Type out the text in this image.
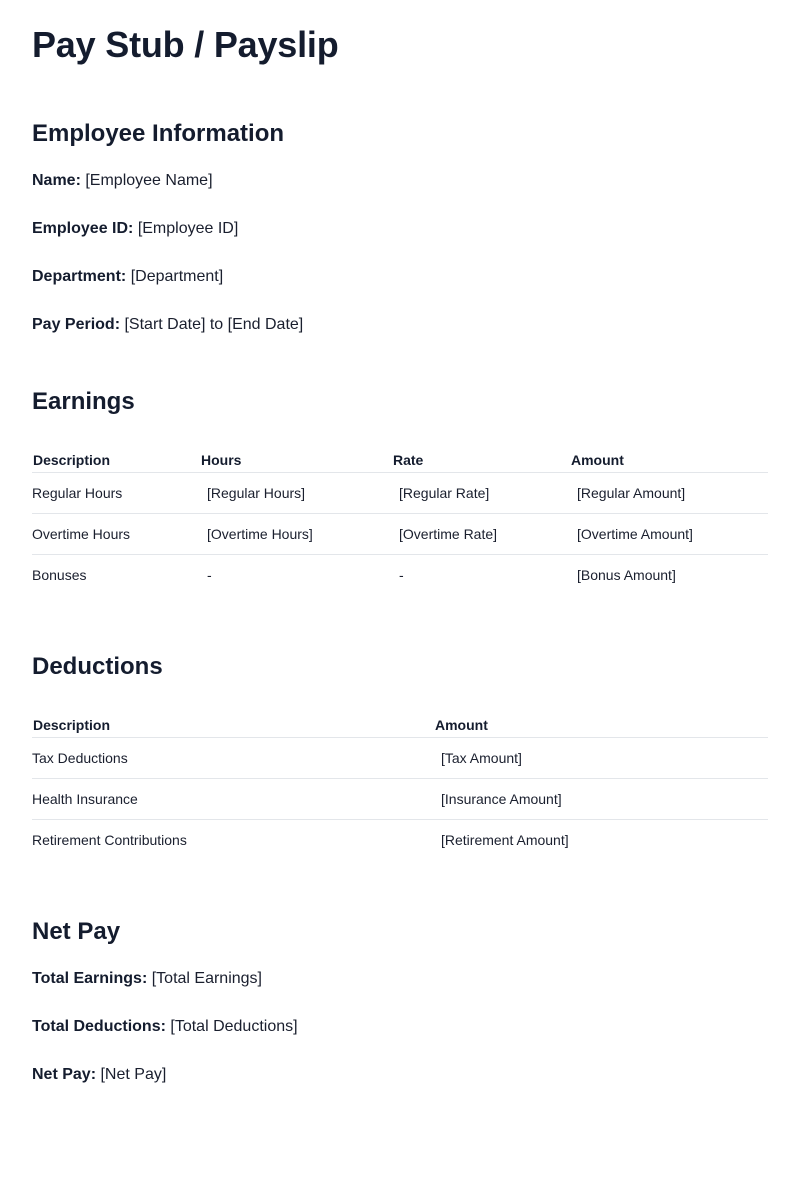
Pay Stub / Payslip
Employee Information
Name: [Employee Name]
Employee ID: [Employee ID]
Department: [Department]
Pay Period: [Start Date] to [End Date]
Earnings
Description	Hours	Rate	Amount
Regular Hours	[Regular Hours]	[Regular Rate]	[Regular Amount]
Overtime Hours	[Overtime Hours]	[Overtime Rate]	[Overtime Amount]
Bonuses	-	-	[Bonus Amount]
Deductions
Description	Amount
Tax Deductions	[Tax Amount]
Health Insurance	[Insurance Amount]
Retirement Contributions	[Retirement Amount]
Net Pay
Total Earnings: [Total Earnings]
Total Deductions: [Total Deductions]
Net Pay: [Net Pay]
